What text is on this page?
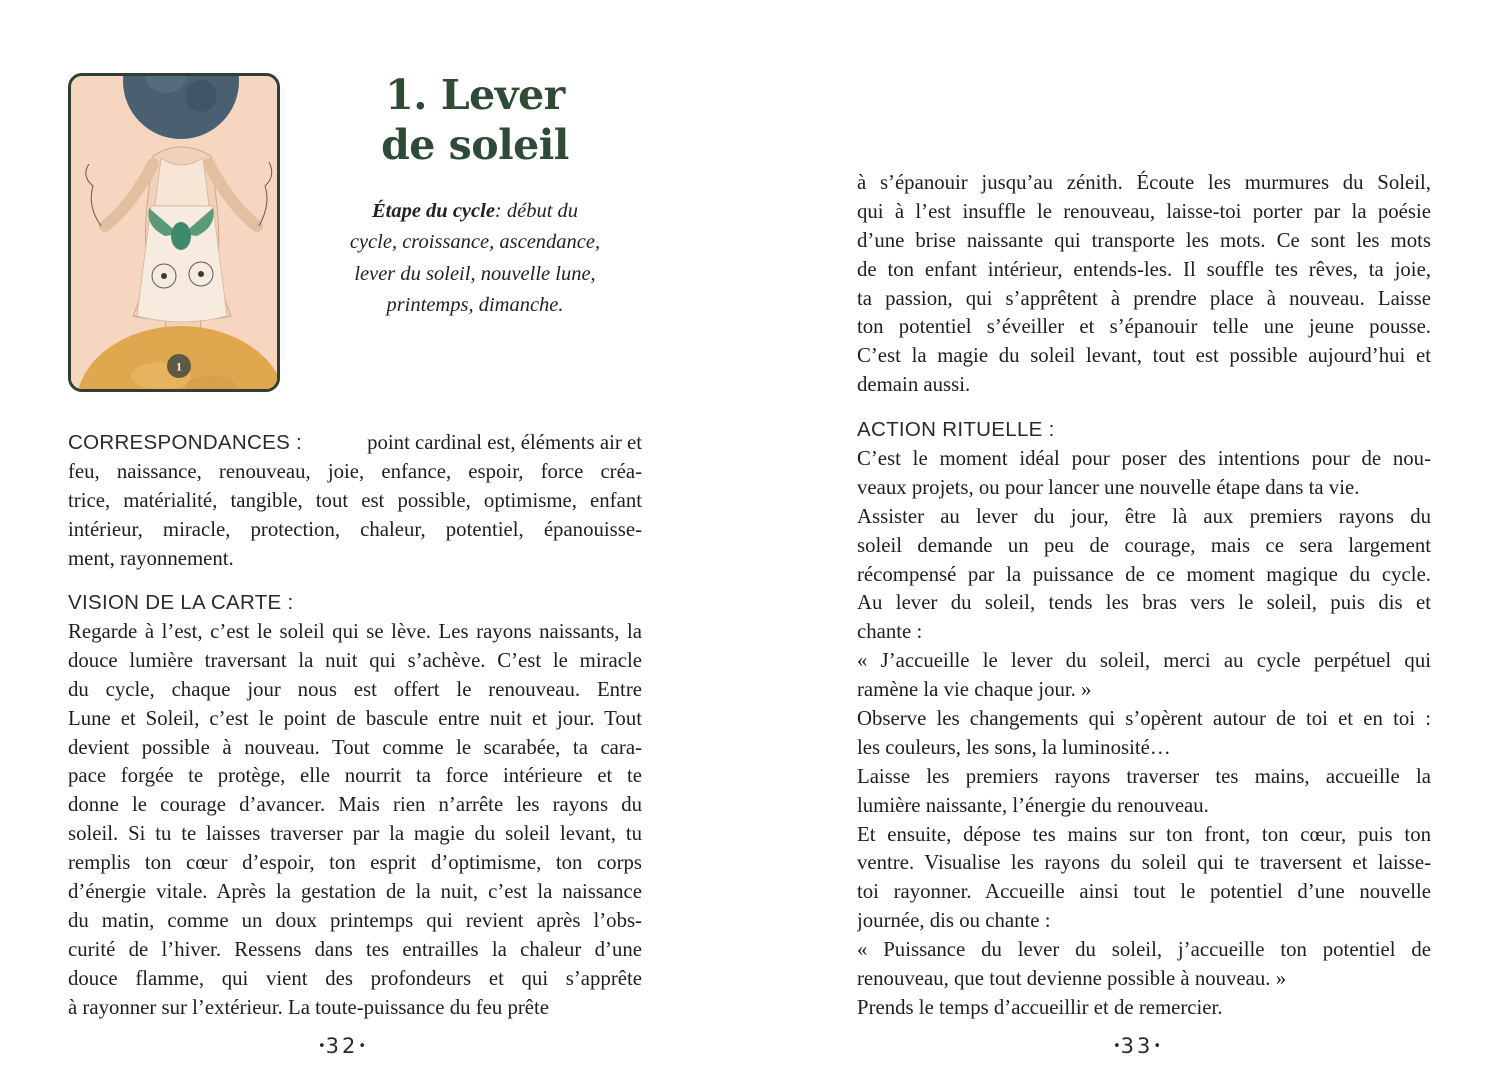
1
1. Lever
de soleil
Étape du cycle: début du
cycle, croissance, ascendance,
lever du soleil, nouvelle lune,
printemps, dimanche.
CORRESPONDANCES :	point cardinal est, éléments air et
feu, naissance, renouveau, joie, enfance, espoir, force créa-
trice, matérialité, tangible, tout est possible, optimisme, enfant
intérieur, miracle, protection, chaleur, potentiel, épanouisse-
ment, rayonnement.
VISION DE LA CARTE :
Regarde à l’est, c’est le soleil qui se lève. Les rayons naissants, la
douce lumière traversant la nuit qui s’achève. C’est le miracle
du cycle, chaque jour nous est offert le renouveau. Entre
Lune et Soleil, c’est le point de bascule entre nuit et jour. Tout
devient possible à nouveau. Tout comme le scarabée, ta cara-
pace forgée te protège, elle nourrit ta force intérieure et te
donne le courage d’avancer. Mais rien n’arrête les rayons du
soleil. Si tu te laisses traverser par la magie du soleil levant, tu
remplis ton cœur d’espoir, ton esprit d’optimisme, ton corps
d’énergie vitale. Après la gestation de la nuit, c’est la naissance
du matin, comme un doux printemps qui revient après l’obs-
curité de l’hiver. Ressens dans tes entrailles la chaleur d’une
douce flamme, qui vient des profondeurs et qui s’apprête
à rayonner sur l’extérieur. La toute-puissance du feu prête
•32•
à s’épanouir jusqu’au zénith. Écoute les murmures du Soleil,
qui à l’est insuffle le renouveau, laisse-toi porter par la poésie
d’une brise naissante qui transporte les mots. Ce sont les mots
de ton enfant intérieur, entends-les. Il souffle tes rêves, ta joie,
ta passion, qui s’apprêtent à prendre place à nouveau. Laisse
ton potentiel s’éveiller et s’épanouir telle une jeune pousse.
C’est la magie du soleil levant, tout est possible aujourd’hui et
demain aussi.
ACTION RITUELLE :
C’est le moment idéal pour poser des intentions pour de nou-
veaux projets, ou pour lancer une nouvelle étape dans ta vie.
Assister au lever du jour, être là aux premiers rayons du
soleil demande un peu de courage, mais ce sera largement
récompensé par la puissance de ce moment magique du cycle.
Au lever du soleil, tends les bras vers le soleil, puis dis et
chante :
« J’accueille le lever du soleil, merci au cycle perpétuel qui
ramène la vie chaque jour. »
Observe les changements qui s’opèrent autour de toi et en toi :
les couleurs, les sons, la luminosité…
Laisse les premiers rayons traverser tes mains, accueille la
lumière naissante, l’énergie du renouveau.
Et ensuite, dépose tes mains sur ton front, ton cœur, puis ton
ventre. Visualise les rayons du soleil qui te traversent et laisse-
toi rayonner. Accueille ainsi tout le potentiel d’une nouvelle
journée, dis ou chante :
« Puissance du lever du soleil, j’accueille ton potentiel de
renouveau, que tout devienne possible à nouveau. »
Prends le temps d’accueillir et de remercier.
•33•
